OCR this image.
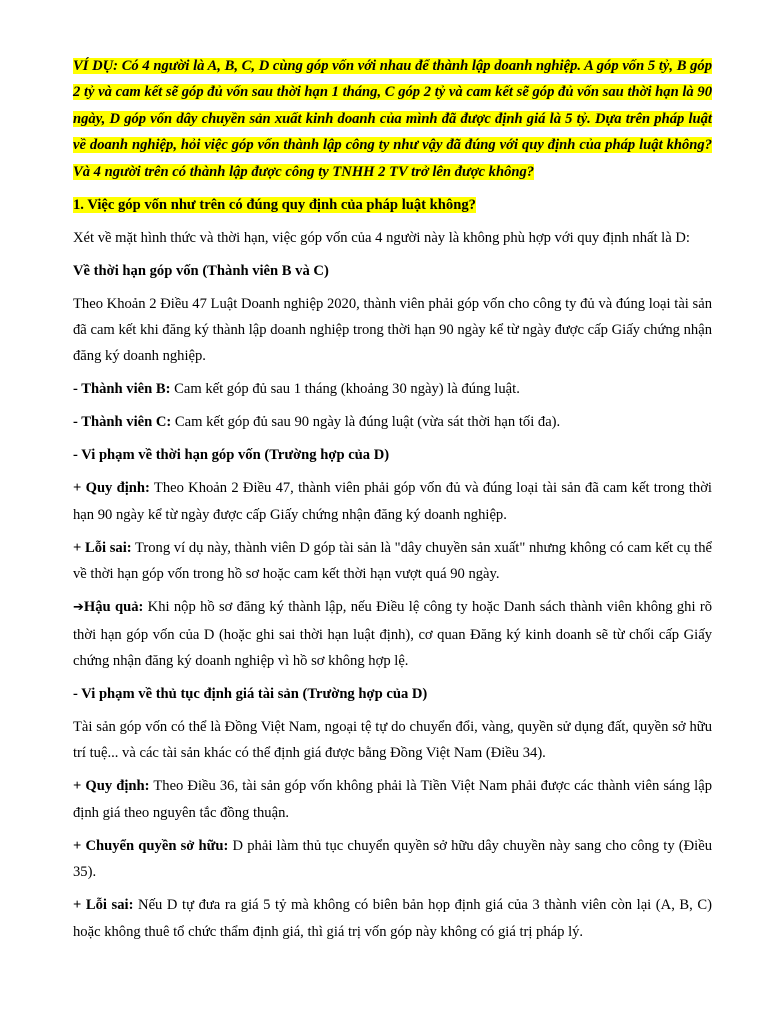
VÍ DỤ: Có 4 người là A, B, C, D cùng góp vốn với nhau để thành lập doanh nghiệp. A góp vốn 5 tỷ, B góp 2 tỷ và cam kết sẽ góp đủ vốn sau thời hạn 1 tháng, C góp 2 tỷ và cam kết sẽ góp đủ vốn sau thời hạn là 90 ngày, D góp vốn dây chuyền sản xuất kinh doanh của mình đã được định giá là 5 tỷ. Dựa trên pháp luật về doanh nghiệp, hỏi việc góp vốn thành lập công ty như vậy đã đúng với quy định của pháp luật không? Và 4 người trên có thành lập được công ty TNHH 2 TV trở lên được không?

1. Việc góp vốn như trên có đúng quy định của pháp luật không?

Xét về mặt hình thức và thời hạn, việc góp vốn của 4 người này là không phù hợp với quy định nhất là D:

Về thời hạn góp vốn (Thành viên B và C)

Theo Khoản 2 Điều 47 Luật Doanh nghiệp 2020, thành viên phải góp vốn cho công ty đủ và đúng loại tài sản đã cam kết khi đăng ký thành lập doanh nghiệp trong thời hạn 90 ngày kể từ ngày được cấp Giấy chứng nhận đăng ký doanh nghiệp.

- Thành viên B: Cam kết góp đủ sau 1 tháng (khoảng 30 ngày) là đúng luật.

- Thành viên C: Cam kết góp đủ sau 90 ngày là đúng luật (vừa sát thời hạn tối đa).

- Vi phạm về thời hạn góp vốn (Trường hợp của D)

+ Quy định: Theo Khoản 2 Điều 47, thành viên phải góp vốn đủ và đúng loại tài sản đã cam kết trong thời hạn 90 ngày kể từ ngày được cấp Giấy chứng nhận đăng ký doanh nghiệp.

+ Lỗi sai: Trong ví dụ này, thành viên D góp tài sản là "dây chuyền sản xuất" nhưng không có cam kết cụ thể về thời hạn góp vốn trong hồ sơ hoặc cam kết thời hạn vượt quá 90 ngày.

➔Hậu quả: Khi nộp hồ sơ đăng ký thành lập, nếu Điều lệ công ty hoặc Danh sách thành viên không ghi rõ thời hạn góp vốn của D (hoặc ghi sai thời hạn luật định), cơ quan Đăng ký kinh doanh sẽ từ chối cấp Giấy chứng nhận đăng ký doanh nghiệp vì hồ sơ không hợp lệ.

- Vi phạm về thủ tục định giá tài sản (Trường hợp của D)

Tài sản góp vốn có thể là Đồng Việt Nam, ngoại tệ tự do chuyển đổi, vàng, quyền sử dụng đất, quyền sở hữu trí tuệ... và các tài sản khác có thể định giá được bằng Đồng Việt Nam (Điều 34).

+ Quy định: Theo Điều 36, tài sản góp vốn không phải là Tiền Việt Nam phải được các thành viên sáng lập định giá theo nguyên tắc đồng thuận.

+ Chuyển quyền sở hữu: D phải làm thủ tục chuyển quyền sở hữu dây chuyền này sang cho công ty (Điều 35).

+ Lỗi sai: Nếu D tự đưa ra giá 5 tỷ mà không có biên bản họp định giá của 3 thành viên còn lại (A, B, C) hoặc không thuê tổ chức thẩm định giá, thì giá trị vốn góp này không có giá trị pháp lý.
